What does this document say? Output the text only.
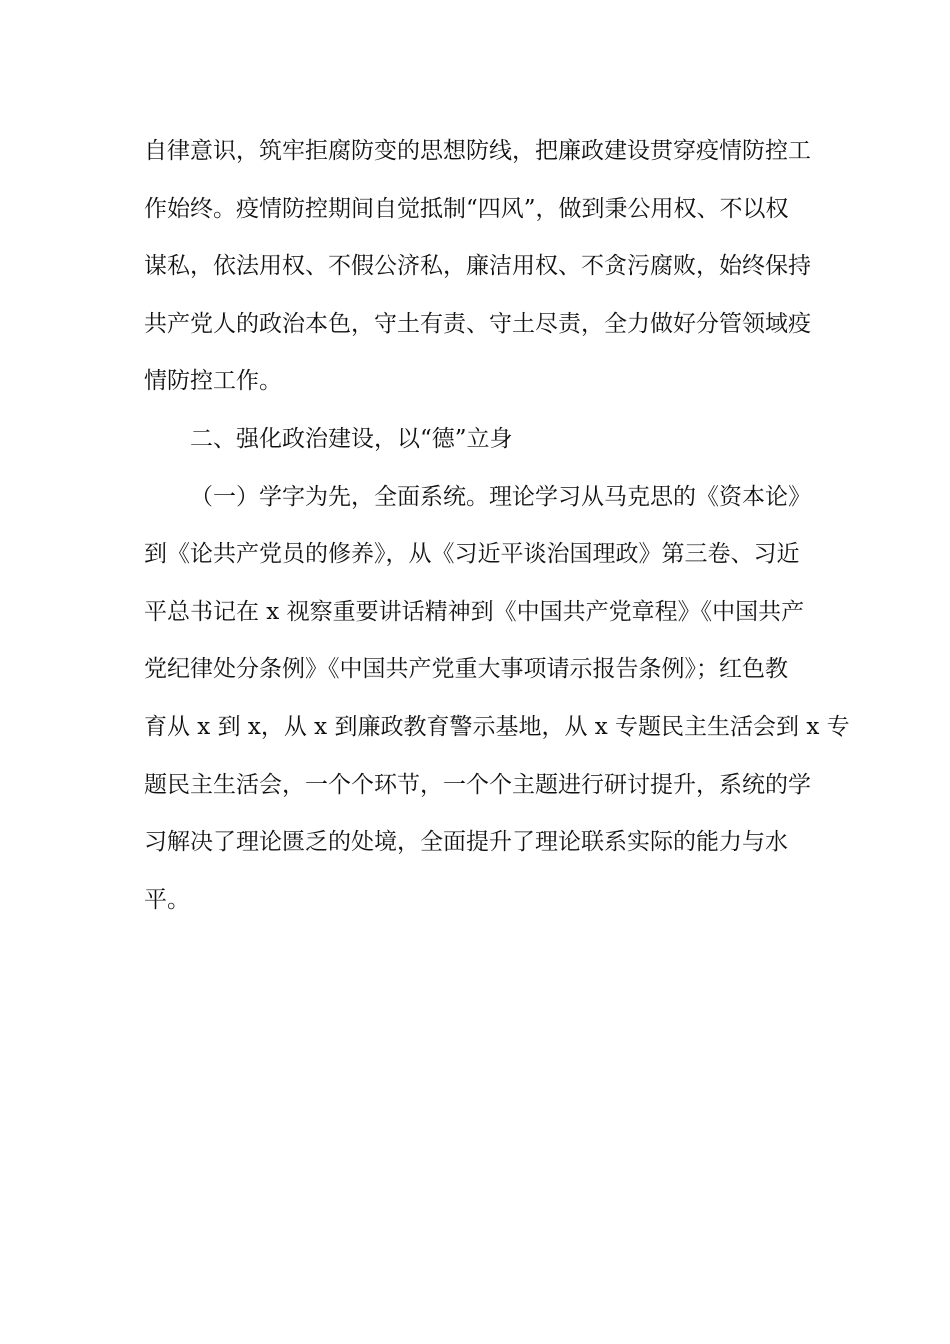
自律意识，筑牢拒腐防变的思想防线，把廉政建设贯穿疫情防控工
作始终。疫情防控期间自觉抵制“四风”，做到秉公用权、不以权
谋私，依法用权、不假公济私，廉洁用权、不贪污腐败，始终保持
共产党人的政治本色，守土有责、守土尽责，全力做好分管领域疫
情防控工作。
二、强化政治建设，以“德”立身
（一）学字为先，全面系统。理论学习从马克思的《资本论》
到《论共产党员的修养》，从《习近平谈治国理政》第三卷、习近
平总书记在 x 视察重要讲话精神到《中国共产党章程》《中国共产
党纪律处分条例》《中国共产党重大事项请示报告条例》；红色教
育从 x 到 x，从 x 到廉政教育警示基地，从 x 专题民主生活会到 x 专
题民主生活会，一个个环节，一个个主题进行研讨提升，系统的学
习解决了理论匮乏的处境，全面提升了理论联系实际的能力与水
平。
